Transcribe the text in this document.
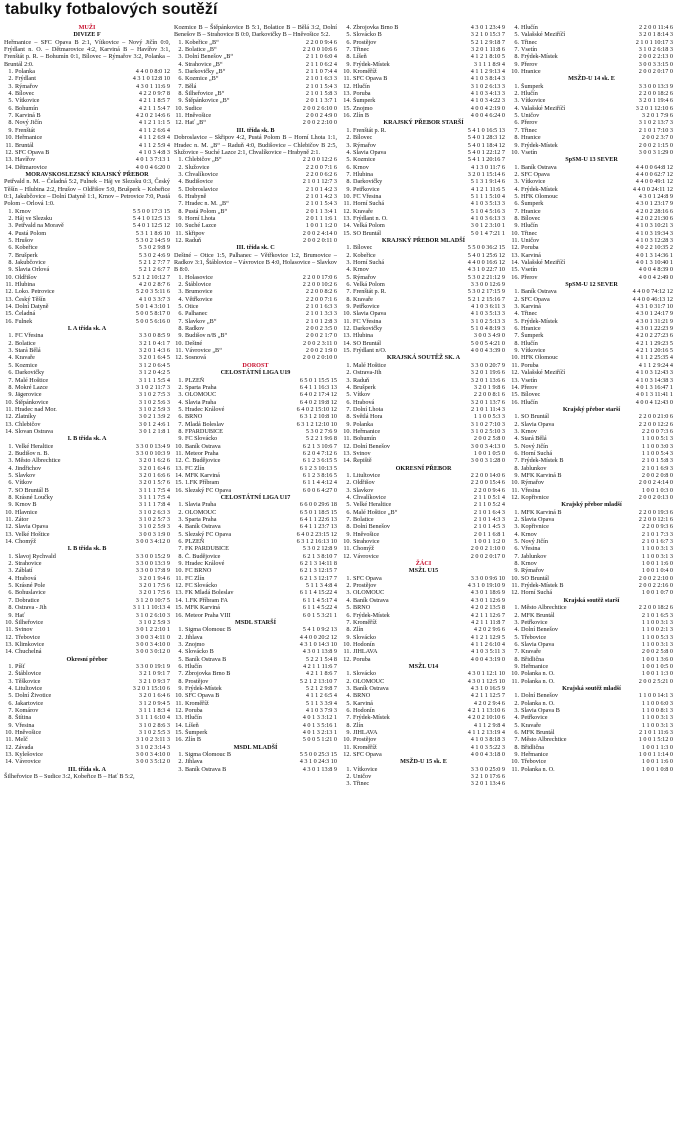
tabulky fotbalových soutěží
MUŽI
DIVIZE F
Heřmanice – SFC Opava B 2:1, Vítkovice – Nový Jičín 0:0, Frýdlant n. O. – Dětmarovice 4:2, Karviná B – Havířov 3:1, Frenštát p. R. – Bohumín 0:1, Bílovec – Rýmařov 3:2, Polanka – Bruntál 2:0.
1. Polanka	4 4 0 0 8:0 12
2. Frýdlant	4 3 1 0 12:8 10
3. Rýmařov	4 3 0 1 11:6 9
4. Bílovec	4 2 2 0 9:7 8
5. Vítkovice	4 2 1 1 8:5 7
6. Bohumín	4 2 1 1 5:4 7
7. Karviná B	4 2 0 2 14:6 6
8. Nový Jičín	4 1 2 1 1:1 5
9. Frenštát	4 1 1 2 6:6 4
10. Heřmanice	4 1 1 2 6:9 4
11. Bruntál	4 1 1 2 5:9 4
12. SFC Opava B	4 1 0 3 4:8 3
13. Havířov	4 0 1 3 7:13 1
14. Dětmarovice	4 0 0 4 6:20 0
MORAVSKOSLEZSKÝ KRAJSKÝ PŘEBOR
Petřvald n. M. – Čeladná 5:2, Fulnek – Háj ve Slezsku 0:3, Český Těšín – Hlubina 2:2, Hrušov – Oldřišov 5:0, Brušperk – Kobeřice 0:1, Jakubčovice – Dolní Datyně 1:1, Krnov – Petrovice 7:0, Pustá Polom – Orlová 1:0.
1. Krnov	5 5 0 0 17:3 15
2. Háj ve Slezsku	5 4 1 0 12:5 13
3. Petřvald na Moravě	5 4 0 1 12:5 12
4. Pustá Polom	5 3 1 1 8:6 10
5. Hrušov	5 3 0 2 14:5 9
6. Kobeřice	5 3 0 2 9:8 9
7. Brušperk	5 3 0 2 4:6 9
8. Jakubčovice	5 2 1 2 7:7 7
9. Slavia Orlová	5 2 1 2 6:7 7
10. Oldřišov	5 2 1 2 10:12 7
11. Hlubina	4 2 0 2 8:7 6
12. Loko. Petrovice	5 2 0 3 5:11 6
13. Český Těšín	4 1 0 3 3:7 3
14. Dolní Datyně	5 0 1 4 3:10 1
15. Čeladná	5 0 0 5 8:17 0
16. Fulnek	5 0 0 5 6:16 0
I. A třída sk. A
1. FC Vřesina	3 3 0 0 8:5 9
2. Bolatice	3 2 1 0 4:1 7
3. Stará Bělá	3 2 0 1 4:3 6
4. Kravaře	3 2 0 1 6:4 5
5. Kozmice	3 1 2 0 6:4 5
6. Darkovičky	3 1 2 0 4:2 5
7. Malé Hoštice	3 1 1 1 5:5 4
8. Mokré Lazce	3 1 0 2 11:7 3
9. Jägerovice	3 1 0 2 7:5 3
10. Štěpánkovice	3 1 0 2 5:6 3
11. Hradec nad Mor.	3 1 0 2 5:9 3
12. Zlatníky	3 0 2 1 3:9 2
13. Chlebičov	3 0 1 2 4:6 1
14. Slovan Ostrava	3 0 1 2 1:8 1
I. B třída sk. A
1. Velké Heraltice	3 3 0 0 13:4 9
2. Budišov n. B.	3 3 0 0 10:3 9
3. Město Albrechtice	3 2 0 1 6:2 6
4. Jindřichov	3 2 0 1 6:4 6
5. Slavkov	3 2 0 1 6:6 6
6. Vítkov	3 2 0 1 5:7 6
7. SO Bruntál B	3 1 1 1 7:5 4
8. Krásné Loučky	3 1 1 1 7:5 4
9. Krnov B	3 1 1 1 7:8 4
10. Hlavnice	3 1 0 2 6:3 3
11. Zátor	3 1 0 2 5:7 3
12. Slavia Opava	3 1 0 2 5:9 3
13. Velké Hoštice	3 0 0 3 1:9 0
14. Chomýž	3 0 0 3 4:12 0
I. B třída sk. B
1. Slavoj Rychvald	3 3 0 0 15:2 9
2. Strahovice	3 3 0 0 13:3 9
3. Záblatí	3 3 0 0 17:8 9
4. Hrabová	3 2 0 1 9:4 6
5. Krásné Pole	3 2 0 1 7:5 6
6. Bohuslavice	3 2 0 1 7:5 6
7. Dobratice	3 1 2 0 10:7 5
8. Ostrava - Jih	3 1 1 1 10:13 4
9. Hať	3 1 0 2 6:10 3
10. Šilheřovice	3 1 0 2 5:9 3
11. Svinov	3 0 1 2 2:10 1
12. Třebovice	3 0 0 3 4:11 0
13. Klimkovice	3 0 0 3 4:10 0
14. Chuchelná	3 0 0 3 0:12 0
Okresní přebor
1. Píšť	3 3 0 0 19:1 9
2. Štáblovice	3 2 1 0 9:1 7
3. Těškovice	3 2 1 0 9:3 7
4. Litultovice	3 2 0 1 15:10 6
5. Dolní Životice	3 2 0 1 6:4 6
6. Jakartovice	3 1 2 0 9:4 5
7. Komárov	3 1 1 1 8:3 4
8. Štítina	3 1 1 1 6:10 4
9. Vřesina	3 1 0 2 8:6 3
10. Hněvošice	3 1 0 2 5:5 3
11. Melč	3 1 0 2 3:11 3
12. Závada	3 1 0 2 3:14 3
13. Kylešovice	3 0 0 3 4:10 0
14. Vávrovice	3 0 0 3 5:12 0
III. třída sk. A
Šilheřovice B – Sudice 3:2, Kobeřice B – Hať B 5:2,
Kozmice B – Štěpánkovice B 5:1, Bolatice B – Bělá 3:2, Dolní Benešov B – Strahovice B 0:0, Darkovičky B – Hněvošice 5:2.
1. Kobeřice „B“	2 2 0 0 9:4 6
2. Bolatice „B“	2 2 0 0 10:6 6
3. Dolní Benešov „B“	2 1 1 0 6:0 4
4. Strahovice „B“	2 1 1 0 6:2 4
5. Darkovičky „B“	2 1 1 0 7:4 4
6. Kozmice „B“	2 1 0 1 6:3 3
7. Bělá	2 1 0 1 5:4 3
8. Šilheřovice „B“	2 1 0 1 5:8 3
9. Štěpánkovice „B“	2 0 1 1 3:7 1
10. Sudice	2 0 0 2 6:10 0
11. Hněvošice	2 0 0 2 4:9 0
12. Hať „B“	2 0 0 2 2:10 0
III. třída sk. B
Dobroslavice – Skřipov 4:2, Pustá Polom B – Horní Lhota 1:1, Hradec n. M. „B“ – Raduň 4:0, Budišovice – Chlebičov B 2:5, Služovice – Suché Lazce 2:1, Chvalíkovice – Hrabyně 2:1.
1. Chlebičov „B“	2 2 0 0 12:2 6
2. Služovice	2 2 0 0 7:1 6
3. Chvalíkovice	2 2 0 0 6:2 6
4. Budišovice	2 1 0 1 12:7 3
5. Dobroslavice	2 1 0 1 4:2 3
6. Hrabyně	2 1 0 1 4:2 3
7. Hradec n. M. „B“	2 1 0 1 5:4 3
8. Pustá Polom „B“	2 0 1 1 3:4 1
9. Horní Lhota	2 0 1 1 1:6 1
10. Suché Lazce	1 0 0 1 1:2 0
11. Skřipov	2 0 0 2 4:14 0
12. Raduň	2 0 0 2 0:11 0
III. třída sk. C
Deštné – Otice 1:5, Palhanec – Větřkovice 1:2, Brumovice – Radkov 3:1, Štáblovice – Vávrovice B 4:0, Holasovice – Slavkov B 8:0.
1. Holasovice	2 2 0 0 17:0 6
2. Štáblovice	2 2 0 0 10:2 6
3. Brumovice	2 2 0 0 8:2 6
4. Větřkovice	2 2 0 0 7:1 6
5. Otice	2 1 0 1 6:3 3
6. Palhanec	2 1 0 1 3:3 3
7. Slavkov „B“	2 1 0 1 2:8 3
8. Radkov	2 0 0 2 3:5 0
9. Budišov n/B „B“	2 0 0 2 1:7 0
10. Deštné	2 0 0 2 3:11 0
11. Vávrovice „B“	2 0 0 2 1:9 0
12. Sosnová	2 0 0 2 0:10 0
DOROST
CELOSTÁTNÍ LIGA U19
1. PLZEŇ	6 5 0 1 15:5 15
2. Sparta Praha	6 4 1 1 16:3 13
3. OLOMOUC	6 4 0 2 17:4 12
4. Slavia Praha	6 4 0 2 19:8 12
5. Hradec Králové	6 4 0 2 15:10 12
6. BRNO	6 3 1 2 10:8 10
7. Mladá Boleslav	6 3 1 2 12:10 10
8. FPARDUBICE	5 3 0 2 7:6 9
9. FC Slovácko	5 2 2 1 9:6 8
10. Baník Ostrava	6 2 1 3 10:6 7
11. Meteor Praha	6 2 0 4 7:12 6
12. Č. Budějovice	6 1 2 3 6:15 5
13. FC Zlín	6 1 2 3 10:13 5
14. MFK Karviná	6 1 2 3 8:16 5
15. 1.FK Příbram	6 1 1 4 4:12 4
16. Slezský FC Opava	6 0 0 6 4:27 0
CELOSTÁTNÍ LIGA U17
1. Slavia Praha	6 6 0 0 29:6 18
2. OLOMOUC	6 5 0 1 18:5 15
3. Sparta Praha	6 4 1 1 22:6 13
4. Baník Ostrava	6 4 1 1 23:7 13
5. Slezský FC Opava	6 4 0 2 23:15 12
6. PLZEŇ	6 3 1 2 16:13 10
7. FK PARDUBICE	5 3 0 2 12:8 9
8. Č. Budějovice	6 2 1 3 8:10 7
9. Hradec Králové	6 2 1 3 14:11 8
10. FC BRNO	6 2 1 3 12:15 7
11. FC Zlín	6 2 1 3 12:17 7
12. FC Slovácko	5 1 1 3 4:8 4
13. FK Mladá Boleslav	6 1 1 4 15:22 4
14. 1.FK Příbram FA	6 1 1 4 5:17 4
15. MFK Karviná	6 1 1 4 5:22 4
16. Meteor Praha VIII	6 0 1 5 3:21 1
MSDL STARŠÍ
1. Sigma Olomouc B	5 4 1 0 9:2 13
2. Jihlava	4 4 0 0 20:2 12
3. Znojmo	4 3 1 0 14:3 10
4. Slovácko B	4 3 0 1 13:8 9
5. Baník Ostrava B	5 2 2 1 5:4 8
6. Hlučín	4 2 1 1 11:6 7
7. Zbrojovka Brno B	4 2 1 1 8:6 7
8. Prostějov	5 2 1 2 13:10 7
9. Frýdek-Místek	5 2 1 2 9:8 7
10. SFC Opava B	4 1 1 2 6:5 4
11. Kroměříž	5 1 1 3 3:9 4
12. Poruba	4 1 0 3 7:9 3
13. Hlučín	4 0 1 3 3:12 1
14. Líšeň	4 0 1 3 5:16 1
15. Šumperk	4 0 1 3 2:13 1
16. Zlín B	5 0 0 5 1:21 0
MSDL MLADŠÍ
1. Sigma Olomouc B	5 5 0 0 25:3 15
2. Jihlava	4 3 1 0 24:3 10
3. Baník Ostrava B	4 3 0 1 13:8 9
4. Zbrojovka Brno B	4 3 0 1 23:4 9
5. Slovácko B	3 2 1 0 15:3 7
6. Prostějov	5 2 1 2 9:18 7
7. Třinec	3 2 0 1 11:8 6
8. Líšeň	4 1 2 1 8:10 5
9. Frýdek-Místek	3 1 1 1 8:9 4
10. Kroměříž	4 1 1 2 9:13 4
11. SFC Opava B	4 1 0 3 8:14 3
12. Hlučín	3 1 0 2 6:13 3
13. Poruba	4 1 0 3 4:13 3
14. Šumperk	4 1 0 3 4:22 3
15. Znojmo	4 0 0 4 2:19 0
16. Zlín B	4 0 0 4 6:24 0
KRAJSKÝ PŘEBOR STARŠÍ
1. Frenštát p. R.	5 4 1 0 16:5 13
2. Bílovec	5 4 0 1 28:3 12
3. Rýmařov	5 4 0 1 18:4 12
4. Slavia Opava	5 4 0 1 22:12 7
5. Kozmice	5 4 1 1 20:16 7
6. Krnov	4 1 3 0 11:7 6
7. Hlubina	3 2 0 1 15:14 6
8. Darkovičky	5 1 3 1 9:14 6
9. Petřkovice	4 1 2 1 11:6 5
10. FC Vřesina	5 1 1 1 5:10 4
11. Horní Suchá	4 1 0 3 5:13 3
12. Kravaře	5 1 0 4 5:16 3
13. Frýdlant n. O.	4 1 0 3 6:13 3
14. Velká Polom	3 0 1 2 3:10 1
15. SO Bruntál	5 0 1 4 7:21 1
KRAJSKÝ PŘEBOR MLADŠÍ
1. Bílovec	5 5 0 0 36:2 15
2. Kobeřice	5 4 0 1 25:6 12
3. Horní Suchá	4 4 0 0 16:6 12
4. Krnov	4 3 1 0 22:7 10
5. Rýmařov	5 3 0 2 21:12 9
6. Velká Polom	3 3 0 0 12:6 9
7. Frenštát p. R.	5 3 0 2 17:15 9
8. Kravaře	5 2 1 2 15:16 7
9. Petřkovice	4 1 0 3 6:11 3
10. Slavia Opava	4 1 0 3 5:13 3
11. FC Vřesina	3 1 0 2 5:13 3
12. Darkovičky	5 1 0 4 8:19 3
13. Hlubina	3 0 0 3 4:9 0
14. SO Bruntál	5 0 0 5 4:21 0
15. Frýdlant n/O.	4 0 0 4 3:39 0
KRAJSKÁ SOUTĚŽ SK. A
1. Malé Hoštice	3 3 0 0 20:7 9
2. Ostrava-Jih	3 2 0 1 19:6 6
3. Raduň	3 2 0 1 13:6 6
4. Brušperk	3 2 0 1 9:8 6
5. Vítkov	2 2 0 0 8:1 6
6. Hrabová	3 2 0 1 13:7 6
7. Dolní Lhota	2 1 0 1 11:4 3
8. Světlá Hora	1 1 0 0 5:3 3
9. Polanka	3 1 0 2 7:10 3
10. Heřmanice	3 1 0 2 5:10 3
11. Bohumín	2 0 0 2 5:8 0
12. Dolní Benešov	3 0 0 3 4:13 0
13. Svinov	1 0 0 1 0:5 0
14. Řepiště	3 0 0 3 1:28 0
OKRESNÍ PŘEBOR
1. Litultovice	2 2 0 0 14:0 6
2. Oldřišov	2 2 0 0 15:4 6
3. Slavkov	2 2 0 0 9:4 6
4. Chvalíkovice	2 1 1 0 5:1 4
5. Velké Heraltice	2 1 1 0 5:2 4
6. Malé Hoštice „B“	2 1 0 1 6:4 3
7. Bolatice	2 1 0 1 4:3 3
8. Dolní Benešov	2 1 0 1 4:5 3
9. Hněvošice	2 0 1 1 6:8 1
10. Strahovice	1 0 0 1 1:2 0
11. Chomýž	2 0 0 2 1:10 0
12. Vávrovice	2 0 0 2 0:17 0
ŽÁCI
MSŽL U15
1. SFC Opava	3 3 0 0 9:6 10
2. Prostějov	4 3 1 0 19:10 9
3. OLOMOUC	4 3 0 1 18:6 9
4. Baník Ostrava	4 3 0 1 12:6 9
5. BRNO	4 2 0 2 13:5 8
6. Frýdek-Místek	4 2 1 1 12:6 7
7. Kroměříž	4 2 1 1 11:8 7
8. Zlín	4 2 0 2 9:6 6
9. Slovácko	4 1 2 1 12:9 5
10. Hodonín	4 1 1 2 6:10 4
11. JIHLAVA	4 1 0 3 5:11 3
12. Poruba	4 0 0 4 3:19 0
MSŽL U14
1. Slovácko	4 3 0 1 12:1 10
2. OLOMOUC	4 3 0 1 12:5 10
3. Baník Ostrava	4 3 1 0 16:5 9
4. BRNO	4 2 1 1 12:5 7
5. Karviná	4 2 0 2 9:4 6
6. Hodonín	4 2 1 1 13:10 6
7. Frýdek-Místek	4 2 0 2 10:10 6
8. Zlín	4 1 1 2 9:8 4
9. JIHLAVA	4 1 1 2 13:19 4
10. Prostějov	4 1 0 3 8:18 3
11. Kroměříž	4 1 0 3 5:22 3
12. SFC Opava	4 0 0 4 3:18 0
MSŽD-U 15 sk. E
1. Vítkovice	3 3 0 0 25:0 9
2. Uničov	3 2 1 0 17:6 6
3. Třinec	3 2 0 1 13:4 6
4. Hlučín	2 2 0 0 11:4 6
5. Valašské Meziříčí	3 2 0 1 8:14 3
6. Třinec	2 1 0 1 10:17 3
7. Vsetín	3 1 0 2 6:18 3
8. Frýdek-Místek	2 0 0 2 2:13 0
9. Přerov	3 0 0 3 3:15 0
10. Hranice	2 0 0 2 0:17 0
MSŽD-U 14 sk. E
1. Šumperk	3 3 0 0 13:3 9
2. Hlučín	2 2 0 0 18:2 6
3. Vítkovice	3 2 0 1 19:4 6
4. Valašské Meziříčí	3 2 0 1 12:10 6
5. Uničov	3 2 0 1 7:9 6
6. Přerov	3 1 0 2 13:7 3
7. Třinec	2 1 0 1 7:10 3
8. Hranice	2 0 0 2 3:7 0
9. Frýdek-Místek	2 0 0 2 1:15 0
10. Vsetín	3 0 0 3 1:29 0
SpSM-U 13 SEVER
1. Baník Ostrava	4 4 0 0 64:8 12
2. SFC Opava	4 4 0 0 62:7 12
3. Vítkovice	4 4 0 0 49:1 12
4. Frýdek-Místek	4 4 0 0 24:11 12
5. HFK Olomouc	4 3 0 1 24:8 9
6. Šumperk	4 3 0 1 23:17 9
7. Hranice	4 2 0 2 28:16 6
8. Bílovec	4 2 0 2 21:30 6
9. Hlučín	4 1 0 3 10:21 3
10. Třinec	4 1 0 3 19:34 3
11. Uničov	4 1 0 3 12:28 3
12. Poruba	4 0 2 2 10:35 2
13. Karviná	4 0 1 3 14:36 1
14. Valašské Meziříčí	4 0 1 3 10:40 1
15. Vsetín	4 0 0 4 8:39 0
16. Přerov	4 0 0 4 2:49 0
SpSM-U 12 SEVER
1. Baník Ostrava	4 4 0 0 74:12 12
2. SFC Opava	4 4 0 0 46:13 12
3. Karviná	4 3 1 0 31:7 10
4. Třinec	4 3 0 1 24:17 9
5. Frýdek-Místek	4 3 0 1 31:21 9
6. Hranice	4 3 0 1 22:23 9
7. Šumperk	4 2 0 2 27:23 6
8. Hlučín	4 2 1 1 29:23 5
9. Vítkovice	4 2 1 1 20:16 5
10. HFK Olomouc	4 1 1 2 25:35 4
11. Poruba	4 1 1 2 9:24 4
12. Valašské Meziříčí	4 1 0 3 12:43 3
13. Vsetín	4 1 0 3 14:38 3
14. Přerov	4 0 1 3 16:47 1
15. Bílovec	4 0 1 3 11:41 1
16. Hlučín	4 0 0 4 12:43 0
Krajský přebor starší
1. SO Bruntál	2 2 0 0 21:0 6
2. Slavia Opava	2 2 0 0 12:2 6
3. Krnov	2 2 0 0 7:3 6
4. Stará Bělá	1 1 0 0 5:1 3
5. Nový Jičín	1 1 0 0 3:0 3
6. Horní Suchá	1 1 0 0 5:4 3
7. Frýdek-Místek B	2 1 0 1 5:8 3
8. Jablunkov	2 1 0 1 6:9 3
9. MFK Karviná B	2 0 0 2 0:8 0
10. Rýmařov	2 0 0 2 4:14 0
11. Vřesina	1 0 0 1 0:3 0
12. Kopřivnice	2 0 0 2 0:13 0
Krajský přebor mladší
1. MFK Karviná B	2 2 0 0 19:3 6
2. Slavia Opava	2 2 0 0 12:1 6
3. Kopřivnice	2 2 0 0 9:3 6
4. Krnov	2 1 0 1 7:3 3
5. Nový Jičín	2 1 0 1 6:7 3
6. Vřesina	1 1 0 0 3:1 3
7. Jablunkov	1 1 0 0 3:1 3
8. Krnov	1 0 0 1 1:6 0
9. Rýmařov	1 0 0 1 0:4 0
10. SO Bruntál	2 0 0 2 2:10 0
11. Frýdek-Místek B	2 0 0 2 2:16 0
12. Horní Suchá	1 0 0 1 0:7 0
Krajská soutěž starší
1. Město Albrechtice	2 2 0 0 18:2 6
2. MFK Bruntál	2 1 0 1 6:5 3
3. Petřkovice	1 1 0 0 3:1 3
4. Dolní Benešov	1 1 0 0 2:1 3
5. Třebovice	1 1 0 0 5:3 3
6. Slavia Opava	1 1 0 0 3:1 3
7. Kravaře	2 0 0 2 5:8 0
8. Břidlična	1 0 0 1 3:6 0
9. Heřmanice	1 0 0 1 0:5 0
10. Polanka n. O.	1 0 0 1 1:3 0
11. Polanka n. O.	2 0 0 2 5:21 0
Krajská soutěž mladší
1. Dolní Benešov	1 1 0 0 14:1 3
2. Polanka n. O.	1 1 0 0 6:0 3
3. Slavia Opava B	1 1 0 0 8:1 3
4. Petřkovice	1 1 0 0 3:1 3
5. Kravaře	1 1 0 0 3:1 3
6. MFK Bruntál	2 1 0 1 11:6 3
7. Město Albrechtice	1 0 0 1 5:12 0
8. Břidlična	1 0 0 1 1:3 0
9. Heřmanice	1 0 0 1 1:14 0
10. Třebovice	1 0 0 1 1:6 0
11. Polanka n. O.	1 0 0 1 0:8 0
